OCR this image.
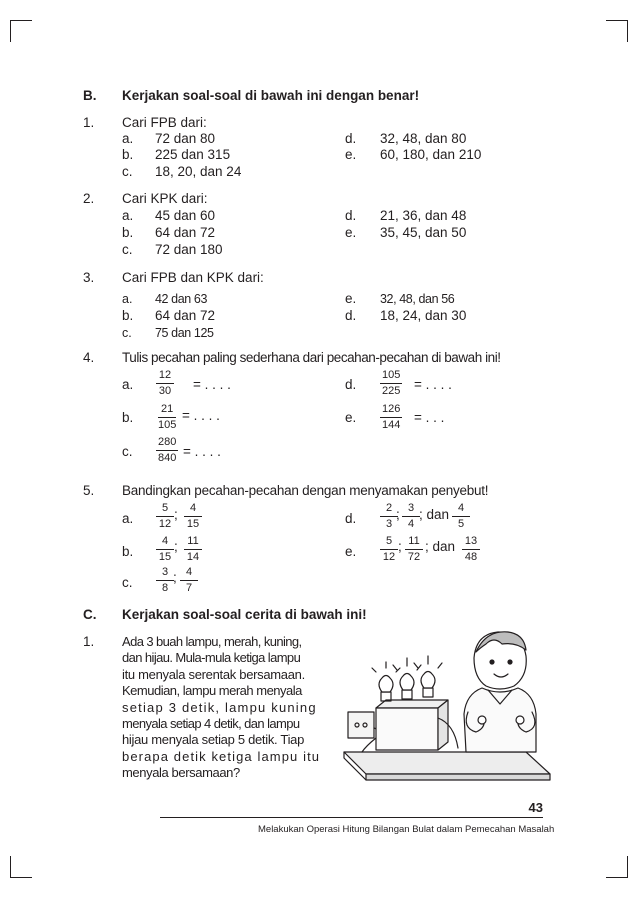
B. Kerjakan soal-soal di bawah ini dengan benar!
1. Cari FPB dari:
a. 72 dan 80
b. 225 dan 315
c. 18, 20, dan 24
d. 32, 48, dan 80
e. 60, 180, dan 210
2. Cari KPK dari:
a. 45 dan 60
b. 64 dan 72
c. 72 dan 180
d. 21, 36, dan 48
e. 35, 45, dan 50
3. Cari FPB dan KPK dari:
a. 42 dan 63
b. 64 dan 72
c. 75 dan 125
e. 32, 48, dan 56
d. 18, 24, dan 30
4. Tulis pecahan paling sederhana dari pecahan-pecahan di bawah ini!
a. $\frac{12}{30}$ = . . . .
b. $\frac{21}{105}$ = . . . .
c. $\frac{280}{840}$ = . . . .
d. $\frac{105}{225}$ = . . . .
e. $\frac{126}{144}$ = . . .
5. Bandingkan pecahan-pecahan dengan menyamakan penyebut!
a. $\frac{5}{12}$ ; $\frac{4}{15}$
b. $\frac{4}{15}$ ; $\frac{11}{14}$
c. $\frac{3}{8}$ ; $\frac{4}{7}$
d. $\frac{2}{3}$
; $\frac{3}{4}$ ; dan $\frac{4}{5}$
e. $\frac{5}{12}$ ; $\frac{11}{72}$ ; dan $\frac{13}{48}$
C. Kerjakan soal-soal cerita di bawah ini!
1. Ada 3 buah lampu, merah, kuning,
dan hijau. Mula-mula ketiga lampu
itu menyala serentak bersamaan.
Kemudian, lampu merah menyala
setiap 3 detik, lampu kuning
menyala setiap 4 detik, dan lampu
hijau menyala setiap 5 detik. Tiap
berapa detik ketiga lampu itu
menyala bersamaan?
43
Melakukan Operasi Hitung Bilangan Bulat dalam Pemecahan Masalah
